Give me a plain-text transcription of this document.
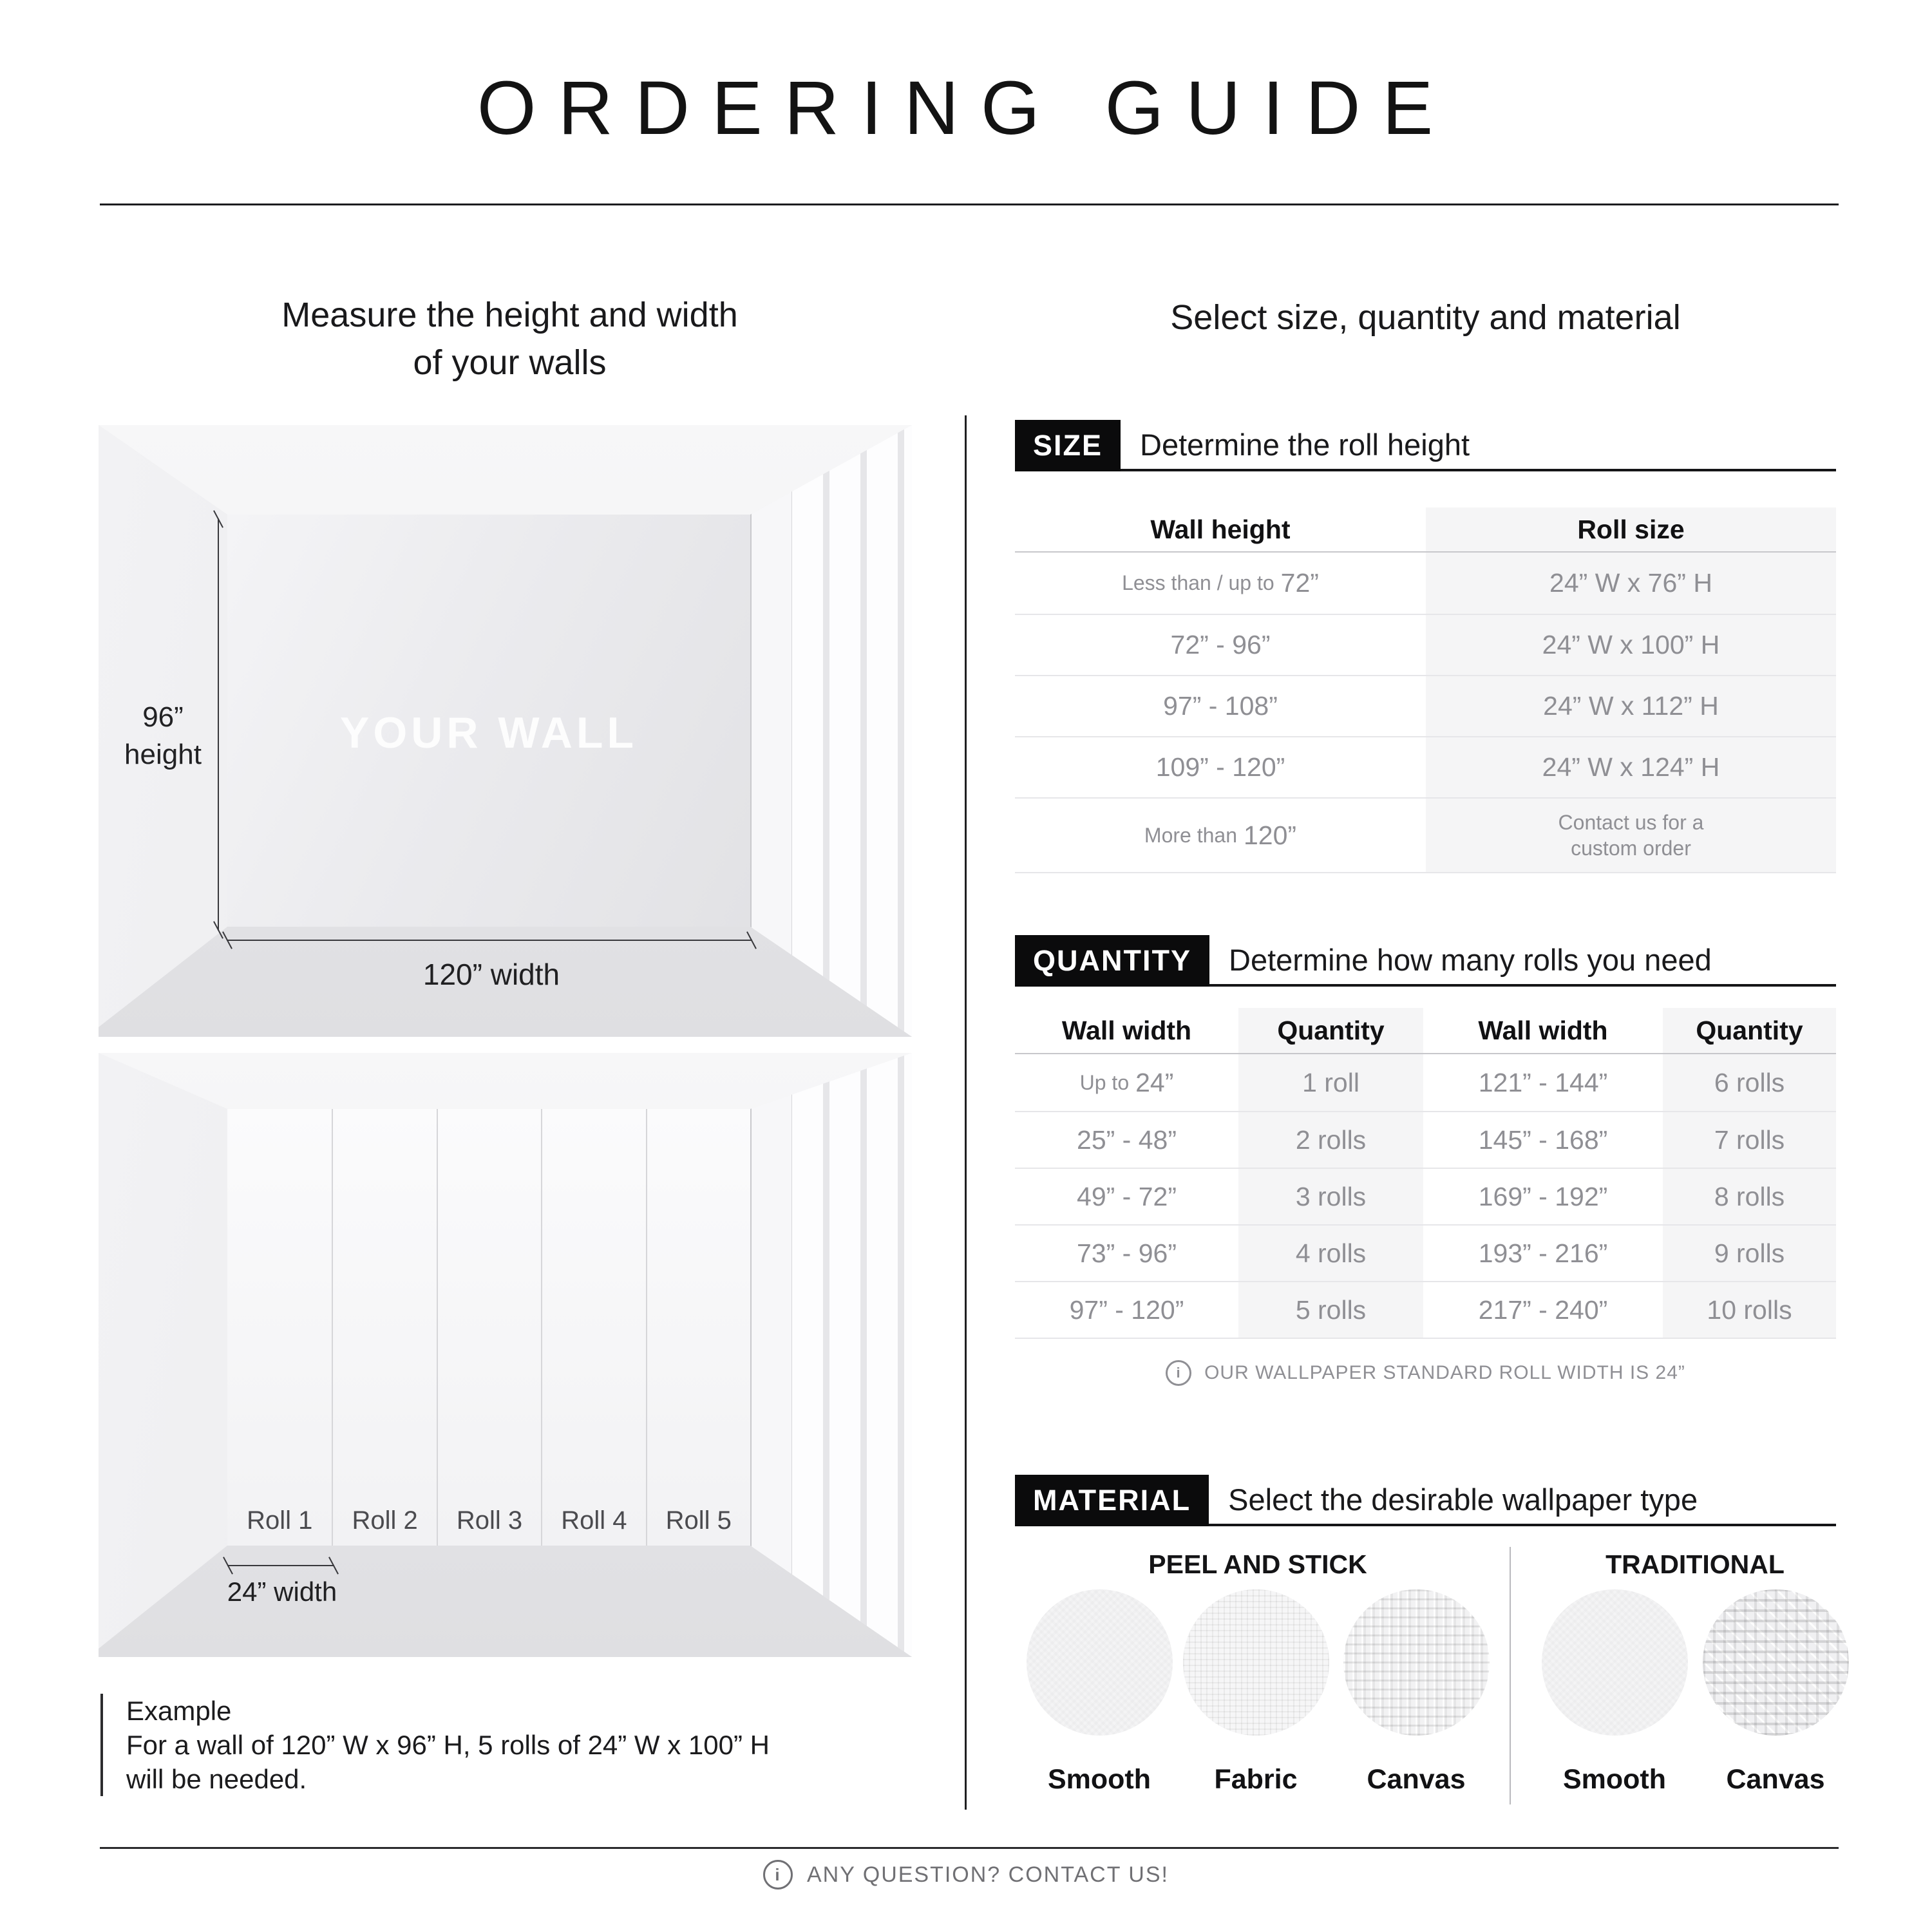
ORDERING GUIDE
Measure the height and width
of your walls
Select size, quantity and material
YOUR WALL
96”
height
120” width
Roll 1	Roll 2	Roll 3	Roll 4	Roll 5
24” width
Example
For a wall of 120” W x 96” H, 5 rolls of 24” W x 100” H
will be needed.
SIZE	Determine the roll height
Wall height	Roll size
Less than / up to 72”	24” W x 76” H
72” - 96”	24” W x 100” H
97” - 108”	24” W x 112” H
109” - 120”	24” W x 124” H
More than 120”	Contact us for a
custom order
QUANTITY	Determine how many rolls you need
Wall width	Quantity	Wall width	Quantity
Up to 24”	1 roll	121” - 144”	6 rolls
25” - 48”	2 rolls	145” - 168”	7 rolls
49” - 72”	3 rolls	169” - 192”	8 rolls
73” - 96”	4 rolls	193” - 216”	9 rolls
97” - 120”	5 rolls	217” - 240”	10 rolls
i
OUR WALLPAPER STANDARD ROLL WIDTH IS 24”
MATERIAL	Select the desirable wallpaper type
PEEL AND STICK	TRADITIONAL
Smooth Fabric	Canvas	Smooth Canvas
i
ANY QUESTION? CONTACT US!
